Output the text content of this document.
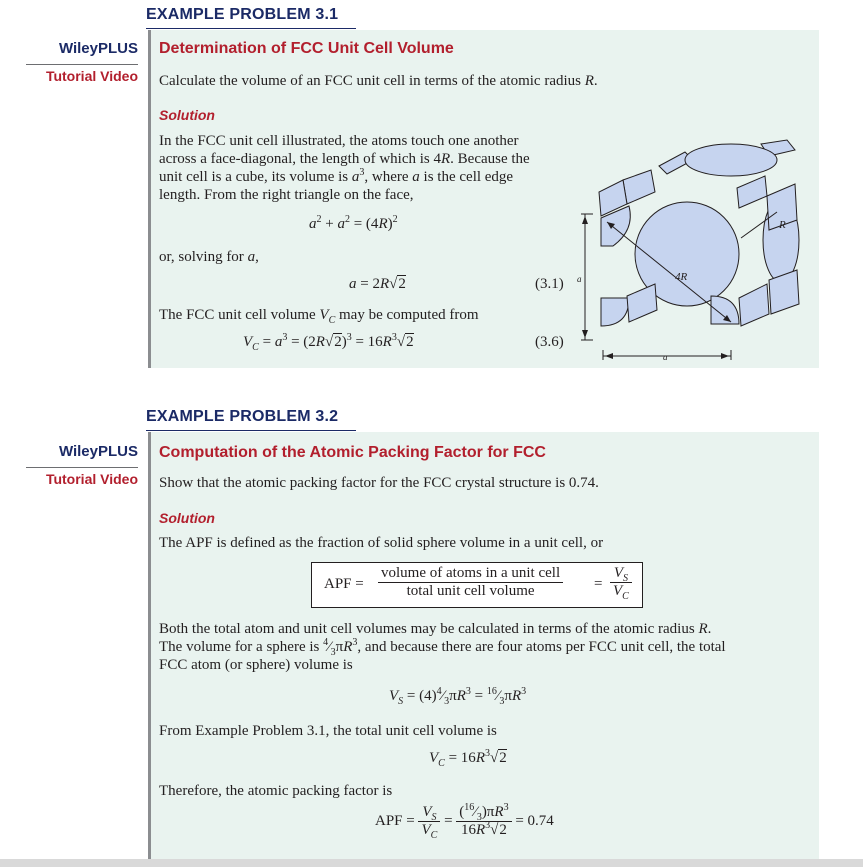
EXAMPLE PROBLEM 3.1
WileyPLUS
Tutorial Video
Determination of FCC Unit Cell Volume
Calculate the volume of an FCC unit cell in terms of the atomic radius R.
Solution
In the FCC unit cell illustrated, the atoms touch one another
across a face-diagonal, the length of which is 4R. Because the
unit cell is a cube, its volume is $a^3$, where a is the cell edge
length. From the right triangle on the face,
$a^2 + a^2 = (4R)^2$
or, solving for a,
a = 2R√2	(3.1)
The FCC unit cell volume $V_C$ may be computed from
$V_C = a^3 = (2R√2)^3 = 16R^3√2$	(3.6)
4R
R
a
a
EXAMPLE PROBLEM 3.2
WileyPLUS
Tutorial Video
Computation of the Atomic Packing Factor for FCC
Show that the atomic packing factor for the FCC crystal structure is 0.74.
Solution
The APF is defined as the fraction of solid sphere volume in a unit cell, or
APF = $\frac{\text{volume of atoms in a unit cell}}{\text{total unit cell volume}} = \frac{V_S}{V_C}$
Both the total atom and unit cell volumes may be calculated in terms of the atomic radius R.
The volume for a sphere is $^4⁄_3\pi R^3$, and because there are four atoms per FCC unit cell, the total
FCC atom (or sphere) volume is
$V_S$ = $(4)^4⁄_3\pi R^3$ = $^{16}⁄_3\pi R^3$
From Example Problem 3.1, the total unit cell volume is
$V_C = 16R^3√2$
Therefore, the atomic packing factor is
APF = $\frac{V_S}{V_C} = \frac{(^{16}⁄_3)\pi R^3}{16R^3√2} = 0.74$
